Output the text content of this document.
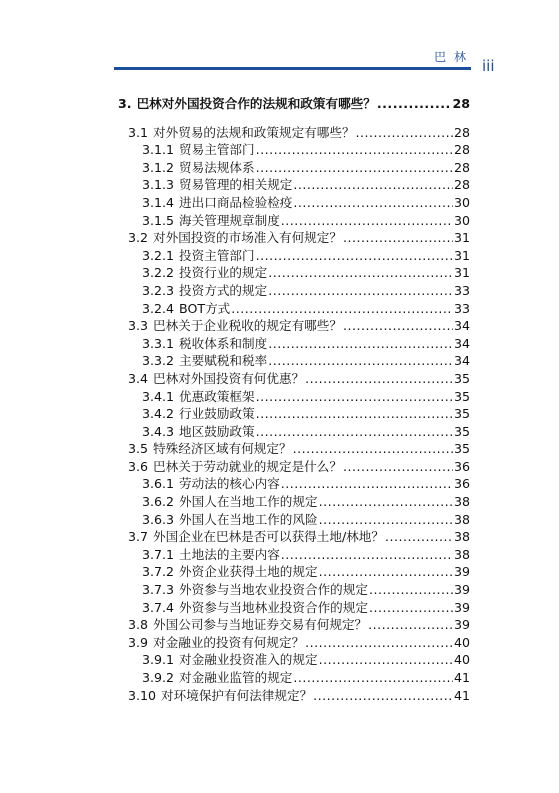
巴 林 iii
3. 巴林对外国投资合作的法规和政策有哪些？ .....	28
3.1 对外贸易的法规和政策规定有哪些？ .....	28
3.1.1 贸易主管部门 .....	28
3.1.2 贸易法规体系 .....	28
3.1.3 贸易管理的相关规定 .....	28
3.1.4 进出口商品检验检疫 .....	30
3.1.5 海关管理规章制度 .....	30
3.2 对外国投资的市场准入有何规定？ .....	31
3.2.1 投资主管部门 .....	31
3.2.2 投资行业的规定 .....	31
3.2.3 投资方式的规定 .....	33
3.2.4 BOT方式 .....	33
3.3 巴林关于企业税收的规定有哪些？ .....	34
3.3.1 税收体系和制度 .....	34
3.3.2 主要赋税和税率 .....	34
3.4 巴林对外国投资有何优惠？ .....	35
3.4.1 优惠政策框架 .....	35
3.4.2 行业鼓励政策 .....	35
3.4.3 地区鼓励政策 .....	35
3.5 特殊经济区域有何规定？ .....	35
3.6 巴林关于劳动就业的规定是什么？ .....	36
3.6.1 劳动法的核心内容 .....	36
3.6.2 外国人在当地工作的规定 .....	38
3.6.3 外国人在当地工作的风险 .....	38
3.7 外国企业在巴林是否可以获得土地/林地？ .....	38
3.7.1 土地法的主要内容 .....	38
3.7.2 外资企业获得土地的规定 .....	39
3.7.3 外资参与当地农业投资合作的规定 .....	39
3.7.4 外资参与当地林业投资合作的规定 .....	39
3.8 外国公司参与当地证券交易有何规定？ .....	39
3.9 对金融业的投资有何规定？ .....	40
3.9.1 对金融业投资准入的规定 .....	40
3.9.2 对金融业监管的规定 .....	41
3.10 对环境保护有何法律规定？ .....	41
